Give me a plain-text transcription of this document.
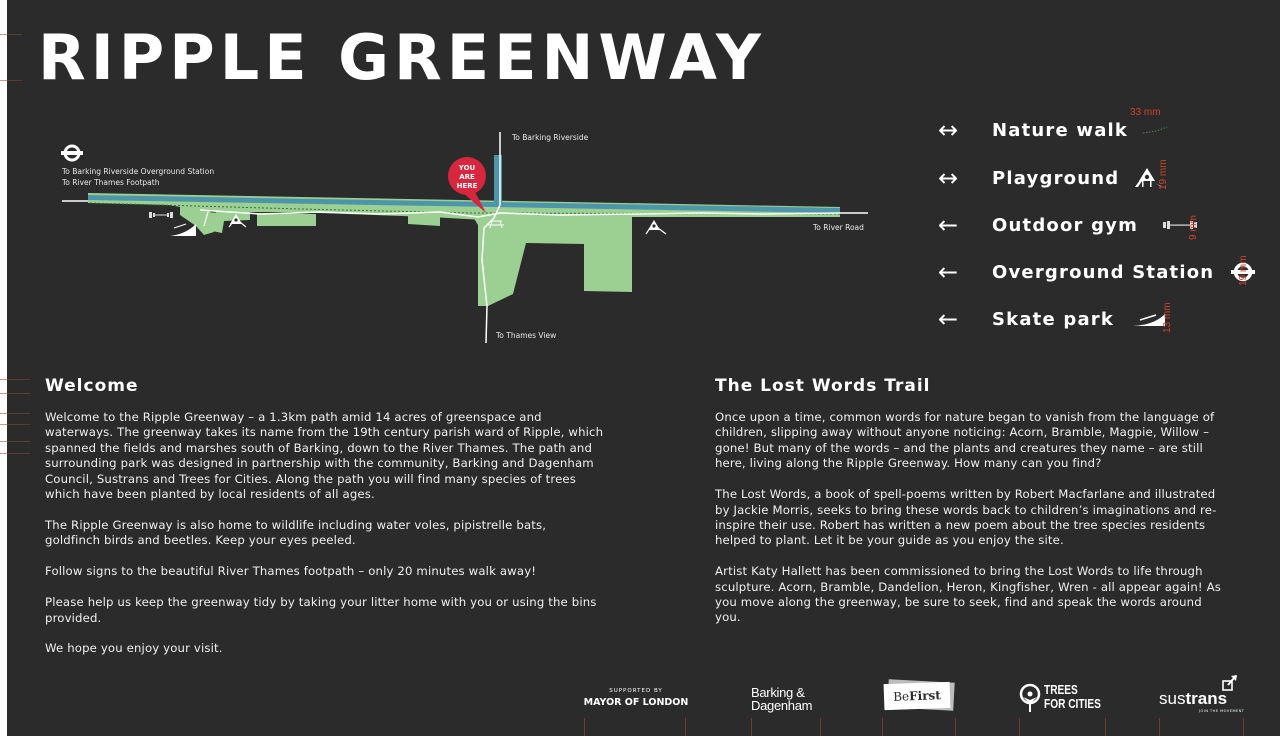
RIPPLE GREENWAY
To Barking Riverside Overground Station
To River Thames Footpath
YOU
ARE
HERE
To Barking Riverside
To River Road
To Thames View
↔	Nature walk
↔	Playground
←	Outdoor gym
←	Overground Station
←	Skate park
33 mm
19 mm
9 mm
19 mm
13 mm
Welcome

Welcome to the Ripple Greenway – a 1.3km path amid 14 acres of greenspace and waterways. The greenway takes its name from the 19th century parish ward of Ripple, which spanned the fields and marshes south of Barking, down to the River Thames. The path and surrounding park was designed in partnership with the community, Barking and Dagenham Council, Sustrans and Trees for Cities. Along the path you will find many species of trees which have been planted by local residents of all ages.

The Ripple Greenway is also home to wildlife including water voles, pipistrelle bats, goldfinch birds and beetles. Keep your eyes peeled.

Follow signs to the beautiful River Thames footpath – only 20 minutes walk away!

Please help us keep the greenway tidy by taking your litter home with you or using the bins provided.

We hope you enjoy your visit.

The Lost Words Trail

Once upon a time, common words for nature began to vanish from the language of children, slipping away without anyone noticing: Acorn, Bramble, Magpie, Willow – gone! But many of the words – and the plants and creatures they name – are still here, living along the Ripple Greenway. How many can you find?

The Lost Words, a book of spell-poems written by Robert Macfarlane and illustrated by Jackie Morris, seeks to bring these words back to children’s imaginations and re-inspire their use. Robert has written a new poem about the tree species residents helped to plant. Let it be your guide as you enjoy the site.

Artist Katy Hallett has been commissioned to bring the Lost Words to life through sculpture. Acorn, Bramble, Dandelion, Heron, Kingfisher, Wren - all appear again! As you move along the greenway, be sure to seek, find and speak the words around you.

SUPPORTED BY
MAYOR OF LONDON
Barking &
Dagenham
BeFirst	TREES
FOR CITIES	sustrans
JOIN THE MOVEMENT
